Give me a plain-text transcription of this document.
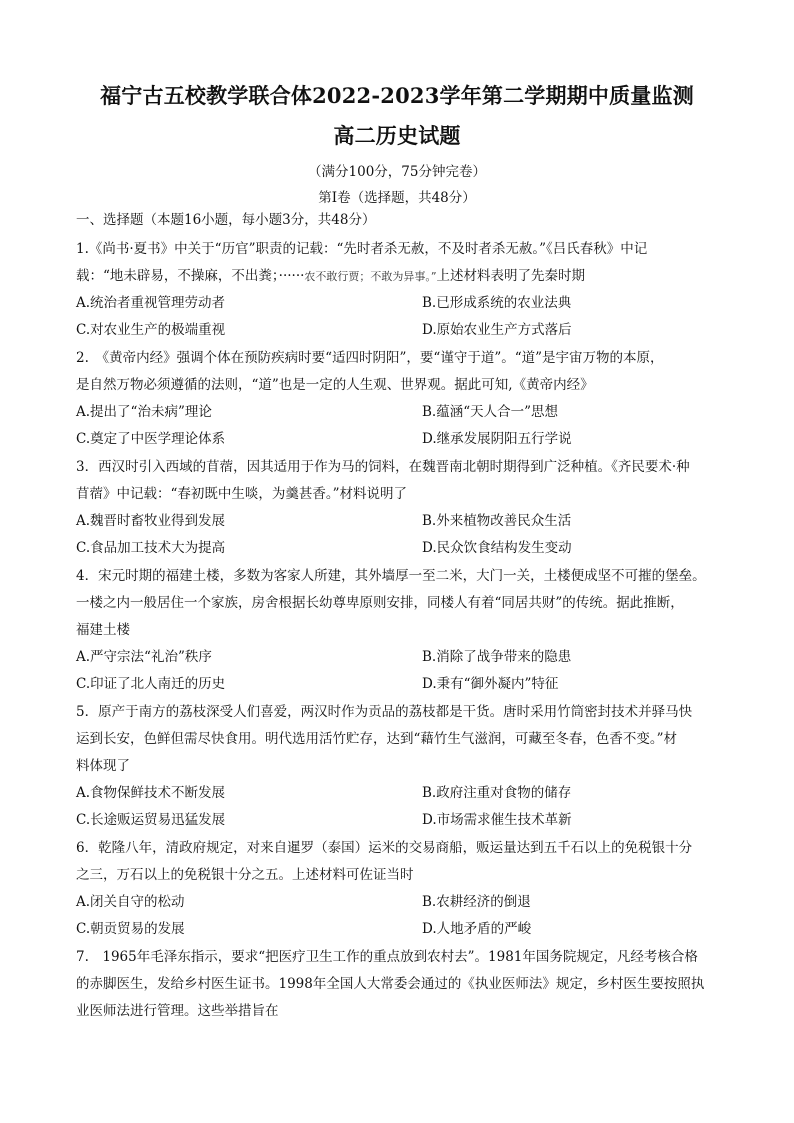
福宁古五校教学联合体2022-2023学年第二学期期中质量监测
高二历史试题
（满分100分，75分钟完卷）
第Ⅰ卷（选择题，共48分）
一、选择题（本题16小题，每小题3分，共48分）
1.《尚书·夏书》中关于“历官”职责的记载：“先时者杀无赦，不及时者杀无赦。”《吕氏春秋》中记
载：“地未辟易，不操麻，不出粪；······农不敢行贾；不敢为异事。”上述材料表明了先秦时期
A.统治者重视管理劳动者	B.已形成系统的农业法典
C.对农业生产的极端重视	D.原始农业生产方式落后
2.　《黄帝内经》强调个体在预防疾病时要“适四时阴阳”，要“谨守于道”。“道”是宇宙万物的本原，
是自然万物必须遵循的法则，“道”也是一定的人生观、世界观。据此可知,《黄帝内经》
A.提出了“治未病”理论	B.蕴涵“天人合一”思想
C.奠定了中医学理论体系	D.继承发展阴阳五行学说
3．西汉时引入西域的苜蓿，因其适用于作为马的饲料，在魏晋南北朝时期得到广泛种植。《齐民要术·种
苜蓿》中记载：“春初既中生啖，为羹甚香。”材料说明了
A.魏晋时畜牧业得到发展	B.外来植物改善民众生活
C.食品加工技术大为提高	D.民众饮食结构发生变动
4．宋元时期的福建土楼，多数为客家人所建，其外墙厚一至二米，大门一关，土楼便成坚不可摧的堡垒。
一楼之内一般居住一个家族，房舍根据长幼尊卑原则安排，同楼人有着“同居共财”的传统。据此推断，
福建土楼
A.严守宗法“礼治”秩序	B.消除了战争带来的隐患
C.印证了北人南迁的历史	D.秉有“御外凝内”特征
5．原产于南方的荔枝深受人们喜爱，两汉时作为贡品的荔枝都是干货。唐时采用竹筒密封技术并驿马快
运到长安，色鲜但需尽快食用。明代选用活竹贮存，达到“藉竹生气滋润，可藏至冬春，色香不变。”材
料体现了
A.食物保鲜技术不断发展	B.政府注重对食物的储存
C.长途贩运贸易迅猛发展	D.市场需求催生技术革新
6．乾隆八年，清政府规定，对来自暹罗（泰国）运米的交易商船，贩运量达到五千石以上的免税银十分
之三，万石以上的免税银十分之五。上述材料可佐证当时
A.闭关自守的松动	B.农耕经济的倒退
C.朝贡贸易的发展	D.人地矛盾的严峻
7.　1965年毛泽东指示，要求“把医疗卫生工作的重点放到农村去”。1981年国务院规定，凡经考核合格
的赤脚医生，发给乡村医生证书。1998年全国人大常委会通过的《执业医师法》规定，乡村医生要按照执
业医师法进行管理。这些举措旨在
